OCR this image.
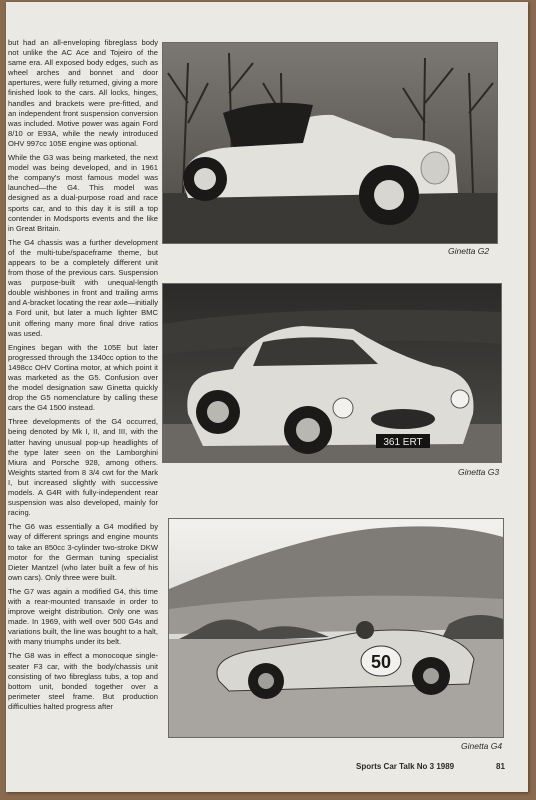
but had an all-enveloping fibreglass body not unlike the AC Ace and Tojeiro of the same era. All exposed body edges, such as wheel arches and bonnet and door apertures, were fully returned, giving a more finished look to the cars. All locks, hinges, handles and brackets were pre-fitted, and an independent front suspension conversion was included. Motive power was again Ford 8/10 or E93A, while the newly introduced OHV 997cc 105E engine was optional.

While the G3 was being marketed, the next model was being developed, and in 1961 the company's most famous model was launched—the G4. This model was designed as a dual-purpose road and race sports car, and to this day it is still a top contender in Modsports events and the like in Great Britain.

The G4 chassis was a further development of the multi-tube/spaceframe theme, but appears to be a completely different unit from those of the previous cars. Suspension was purpose-built with unequal-length double wishbones in front and trailing arms and A-bracket locating the rear axle—initially a Ford unit, but later a much lighter BMC unit offering many more final drive ratios was used.

Engines began with the 105E but later progressed through the 1340cc option to the 1498cc OHV Cortina motor, at which point it was marketed as the G5. Confusion over the model designation saw Ginetta quickly drop the G5 nomenclature by calling these cars the G4 1500 instead.

Three developments of the G4 occurred, being denoted by Mk I, II, and III, with the latter having unusual pop-up headlights of the type later seen on the Lamborghini Miura and Porsche 928, among others. Weights started from 8 3/4 cwt for the Mark I, but increased slightly with successive models. A G4R with fully-independent rear suspension was also developed, mainly for racing.

The G6 was essentially a G4 modified by way of different springs and engine mounts to take an 850cc 3-cylinder two-stroke DKW motor for the German tuning specialist Dieter Mantzel (who later built a few of his own cars). Only three were built.

The G7 was again a modified G4, this time with a rear-mounted transaxle in order to improve weight distribution. Only one was made. In 1969, with well over 500 G4s and variations built, the line was bought to a halt, with many triumphs under its belt.

The G8 was in effect a monocoque single-seater F3 car, with the body/chassis unit consisting of two fibreglass tubs, a top and bottom unit, bonded together over a perimeter steel frame. But production difficulties halted progress after

Ginetta G2
361 ERT
Ginetta G3
50
Ginetta G4
Sports Car Talk No 3 1989	81
